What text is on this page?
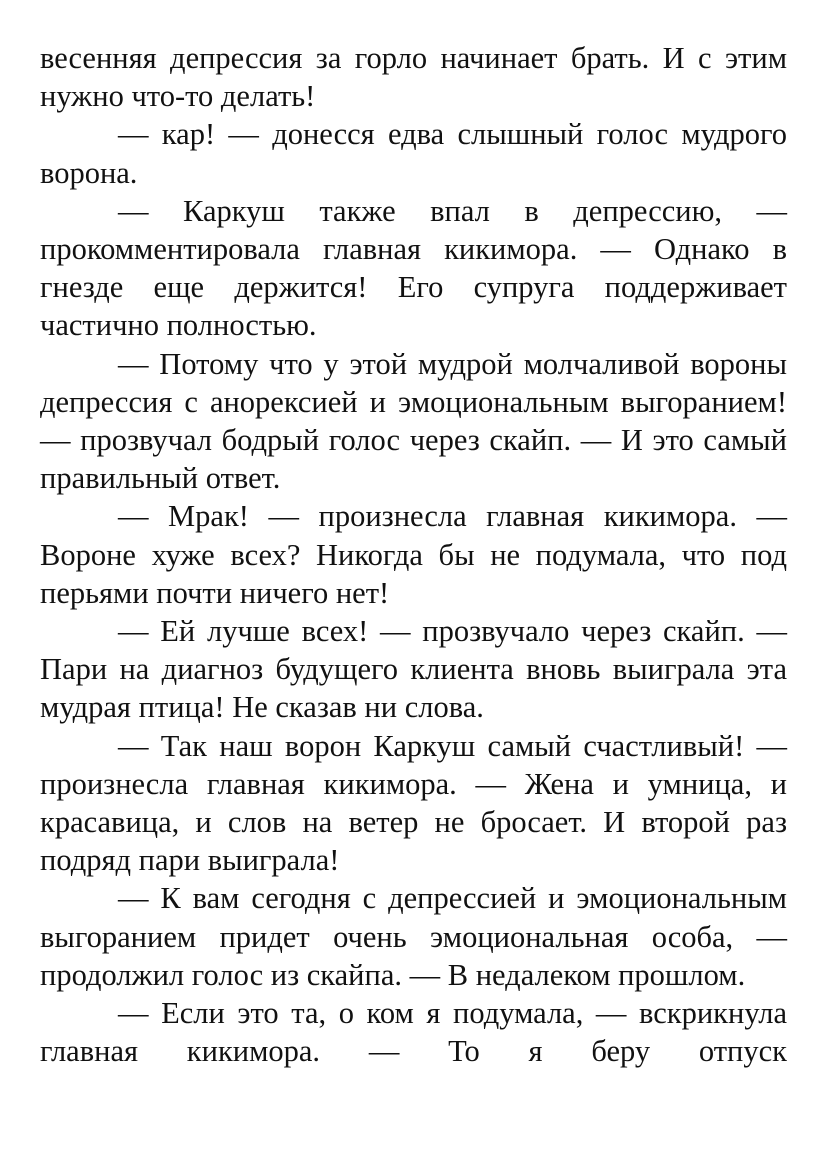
весенняя депрессия за горло начинает брать. И с этим нужно что-то делать!

— кар! — донесся едва слышный голос мудрого ворона.

— Каркуш также впал в депрессию, — прокомментировала главная кикимора. — Однако в гнезде еще держится! Его супруга поддерживает частично полностью.

— Потому что у этой мудрой молчаливой вороны депрессия с анорексией и эмоциональным выгоранием! — прозвучал бодрый голос через скайп. — И это самый правильный ответ.

— Мрак! — произнесла главная кикимора. — Вороне хуже всех? Никогда бы не подумала, что под перьями почти ничего нет!

— Ей лучше всех! — прозвучало через скайп. — Пари на диагноз будущего клиента вновь выиграла эта мудрая птица! Не сказав ни слова.

— Так наш ворон Каркуш самый счастливый! — произнесла главная кикимора. — Жена и умница, и красавица, и слов на ветер не бросает. И второй раз подряд пари выиграла!

— К вам сегодня с депрессией и эмоциональным выгоранием придет очень эмоциональная особа, — продолжил голос из скайпа. — В недалеком прошлом.

— Если это та, о ком я подумала, — вскрикнула главная кикимора. — То я беру отпуск
